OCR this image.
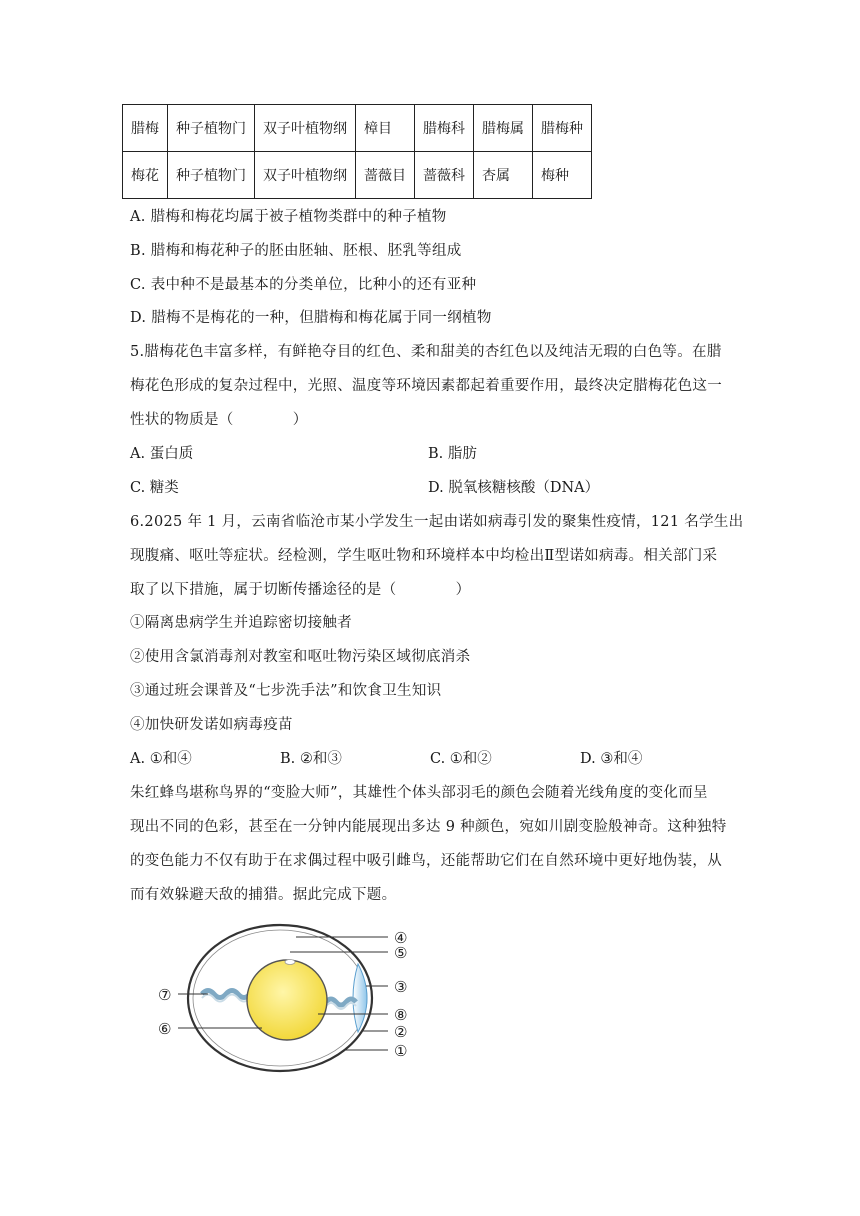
腊梅	种子植物门	双子叶植物纲	樟目	腊梅科	腊梅属	腊梅种
梅花	种子植物门	双子叶植物纲	蔷薇目	蔷薇科	杏属	梅种
A. 腊梅和梅花均属于被子植物类群中的种子植物
B. 腊梅和梅花种子的胚由胚轴、胚根、胚乳等组成
C. 表中种不是最基本的分类单位，比种小的还有亚种
D. 腊梅不是梅花的一种，但腊梅和梅花属于同一纲植物
5.腊梅花色丰富多样，有鲜艳夺目的红色、柔和甜美的杏红色以及纯洁无瑕的白色等。在腊
梅花色形成的复杂过程中，光照、温度等环境因素都起着重要作用，最终决定腊梅花色这一
性状的物质是（　　　　）
A. 蛋白质	B. 脂肪
C. 糖类	D. 脱氧核糖核酸（DNA）
6.2025 年 1 月，云南省临沧市某小学发生一起由诺如病毒引发的聚集性疫情，121 名学生出
现腹痛、呕吐等症状。经检测，学生呕吐物和环境样本中均检出Ⅱ型诺如病毒。相关部门采
取了以下措施，属于切断传播途径的是（　　　　）
①隔离患病学生并追踪密切接触者
②使用含氯消毒剂对教室和呕吐物污染区域彻底消杀
③通过班会课普及“七步洗手法”和饮食卫生知识
④加快研发诺如病毒疫苗
A. ①和④	B. ②和③	C. ①和②	D. ③和④
朱红蜂鸟堪称鸟界的“变脸大师”，其雄性个体头部羽毛的颜色会随着光线角度的变化而呈
现出不同的色彩，甚至在一分钟内能展现出多达 9 种颜色，宛如川剧变脸般神奇。这种独特
的变色能力不仅有助于在求偶过程中吸引雌鸟，还能帮助它们在自然环境中更好地伪装，从
而有效躲避天敌的捕猎。据此完成下题。
④
⑤
③
⑧
②
①
⑦
⑥
